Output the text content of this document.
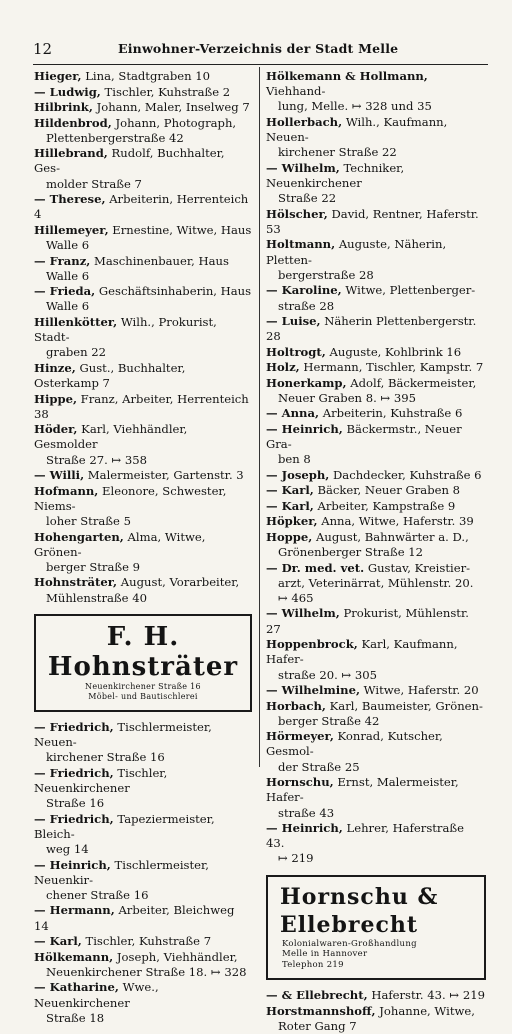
12	Einwohner-Verzeichnis der Stadt Melle
Hieger, Lina, Stadtgraben 10
— Ludwig, Tischler, Kuhstraße 2
Hilbrink, Johann, Maler, Inselweg 7
Hildenbrod, Johann, Photograph,
Plettenbergerstraße 42
Hillebrand, Rudolf, Buchhalter, Ges-
molder Straße 7
— Therese, Arbeiterin, Herrenteich 4
Hillemeyer, Ernestine, Witwe, Haus
Walle 6
— Franz, Maschinenbauer, Haus
Walle 6
— Frieda, Geschäftsinhaberin, Haus
Walle 6
Hillenkötter, Wilh., Prokurist, Stadt-
graben 22
Hinze, Gust., Buchhalter, Osterkamp 7
Hippe, Franz, Arbeiter, Herrenteich 38
Höder, Karl, Viehhändler, Gesmolder
Straße 27. ↦ 358
— Willi, Malermeister, Gartenstr. 3
Hofmann, Eleonore, Schwester, Niems-
loher Straße 5
Hohengarten, Alma, Witwe, Grönen-
berger Straße 9
Hohnsträter, August, Vorarbeiter,
Mühlenstraße 40
F. H. Hohnsträter
Neuenkirchener Straße 16
Möbel- und Bautischlerei
— Friedrich, Tischlermeister, Neuen-
kirchener Straße 16
— Friedrich, Tischler, Neuenkirchener
Straße 16
— Friedrich, Tapeziermeister, Bleich-
weg 14
— Heinrich, Tischlermeister, Neuenkir-
chener Straße 16
— Hermann, Arbeiter, Bleichweg 14
— Karl, Tischler, Kuhstraße 7
Hölkemann, Joseph, Viehhändler,
Neuenkirchener Straße 18. ↦ 328
— Katharine, Wwe., Neuenkirchener
Straße 18
Hölkemann & Hollmann, Viehhand-
lung, Melle. ↦ 328 und 35
Hollerbach, Wilh., Kaufmann, Neuen-
kirchener Straße 22
— Wilhelm, Techniker, Neuenkirchener
Straße 22
Hölscher, David, Rentner, Haferstr. 53
Holtmann, Auguste, Näherin, Pletten-
bergerstraße 28
— Karoline, Witwe, Plettenberger-
straße 28
— Luise, Näherin Plettenbergerstr. 28
Holtrogt, Auguste, Kohlbrink 16
Holz, Hermann, Tischler, Kampstr. 7
Honerkamp, Adolf, Bäckermeister,
Neuer Graben 8. ↦ 395
— Anna, Arbeiterin, Kuhstraße 6
— Heinrich, Bäckermstr., Neuer Gra-
ben 8
— Joseph, Dachdecker, Kuhstraße 6
— Karl, Bäcker, Neuer Graben 8
— Karl, Arbeiter, Kampstraße 9
Höpker, Anna, Witwe, Haferstr. 39
Hoppe, August, Bahnwärter a. D.,
Grönenberger Straße 12
— Dr. med. vet. Gustav, Kreistier-
arzt, Veterinärrat, Mühlenstr. 20. ↦ 465
— Wilhelm, Prokurist, Mühlenstr. 27
Hoppenbrock, Karl, Kaufmann, Hafer-
straße 20. ↦ 305
— Wilhelmine, Witwe, Haferstr. 20
Horbach, Karl, Baumeister, Grönen-
berger Straße 42
Hörmeyer, Konrad, Kutscher, Gesmol-
der Straße 25
Hornschu, Ernst, Malermeister, Hafer-
straße 43
— Heinrich, Lehrer, Haferstraße 43.
↦ 219
Hornschu & Ellebrecht
Kolonialwaren-Großhandlung
Melle in Hannover
Telephon 219
— & Ellebrecht, Haferstr. 43. ↦ 219
Horstmannshoff, Johanne, Witwe,
Roter Gang 7
